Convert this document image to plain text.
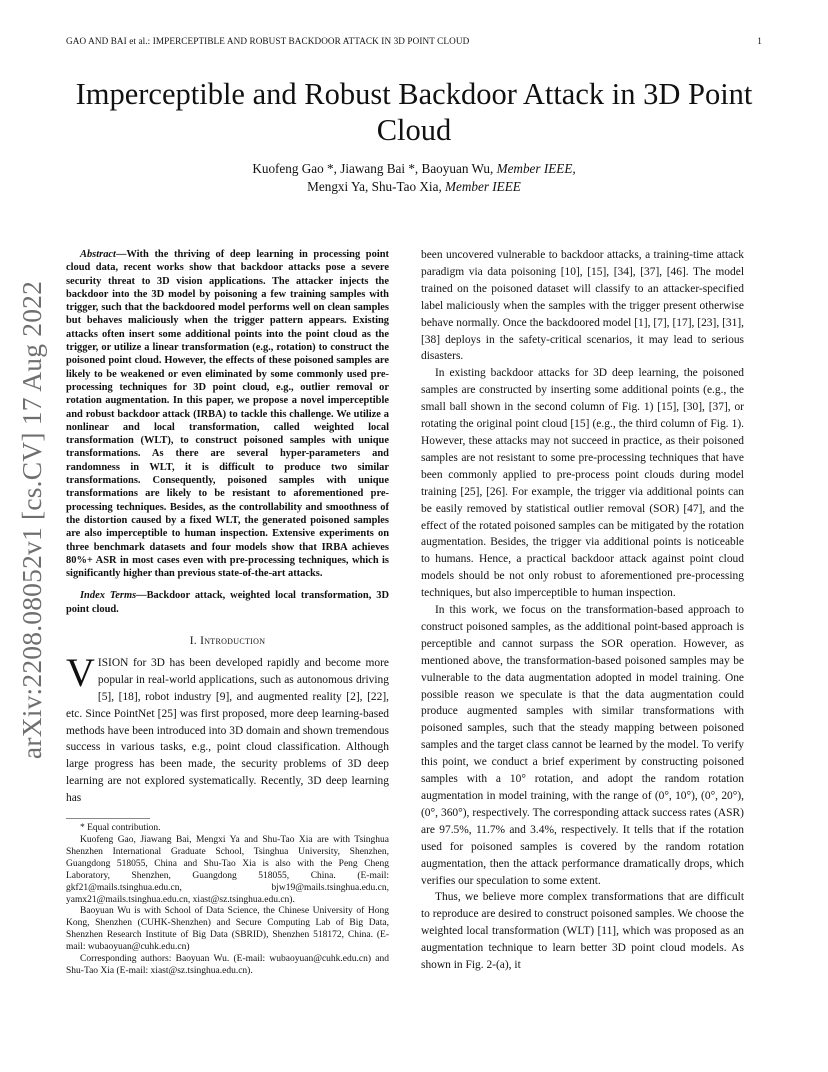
GAO AND BAI et al.: IMPERCEPTIBLE AND ROBUST BACKDOOR ATTACK IN 3D POINT CLOUD	1
arXiv:2208.08052v1 [cs.CV] 17 Aug 2022
Imperceptible and Robust Backdoor Attack in 3D Point Cloud
Kuofeng Gao *, Jiawang Bai *, Baoyuan Wu, Member IEEE,
Mengxi Ya, Shu-Tao Xia, Member IEEE

Abstract—With the thriving of deep learning in processing point cloud data, recent works show that backdoor attacks pose a severe security threat to 3D vision applications. The attacker injects the backdoor into the 3D model by poisoning a few training samples with trigger, such that the backdoored model performs well on clean samples but behaves maliciously when the trigger pattern appears. Existing attacks often insert some additional points into the point cloud as the trigger, or utilize a linear transformation (e.g., rotation) to construct the poisoned point cloud. However, the effects of these poisoned samples are likely to be weakened or even eliminated by some commonly used pre-processing techniques for 3D point cloud, e.g., outlier removal or rotation augmentation. In this paper, we propose a novel imperceptible and robust backdoor attack (IRBA) to tackle this challenge. We utilize a nonlinear and local transformation, called weighted local transformation (WLT), to construct poisoned samples with unique transformations. As there are several hyper-parameters and randomness in WLT, it is difficult to produce two similar transformations. Consequently, poisoned samples with unique transformations are likely to be resistant to aforementioned pre-processing techniques. Besides, as the controllability and smoothness of the distortion caused by a fixed WLT, the generated poisoned samples are also imperceptible to human inspection. Extensive experiments on three benchmark datasets and four models show that IRBA achieves 80%+ ASR in most cases even with pre-processing techniques, which is significantly higher than previous state-of-the-art attacks.

Index Terms—Backdoor attack, weighted local transformation, 3D point cloud.

I. Introduction

VISION for 3D has been developed rapidly and become more popular in real-world applications, such as autonomous driving [5], [18], robot industry [9], and augmented reality [2], [22], etc. Since PointNet [25] was first proposed, more deep learning-based methods have been introduced into 3D domain and shown tremendous success in various tasks, e.g., point cloud classification. Although large progress has been made, the security problems of 3D deep learning are not explored systematically. Recently, 3D deep learning has

* Equal contribution.

Kuofeng Gao, Jiawang Bai, Mengxi Ya and Shu-Tao Xia are with Tsinghua Shenzhen International Graduate School, Tsinghua University, Shenzhen, Guangdong 518055, China and Shu-Tao Xia is also with the Peng Cheng Laboratory, Shenzhen, Guangdong 518055, China. (E-mail: gkf21@mails.tsinghua.edu.cn, bjw19@mails.tsinghua.edu.cn, yamx21@mails.tsinghua.edu.cn, xiast@sz.tsinghua.edu.cn).

Baoyuan Wu is with School of Data Science, the Chinese University of Hong Kong, Shenzhen (CUHK-Shenzhen) and Secure Computing Lab of Big Data, Shenzhen Research Institute of Big Data (SBRID), Shenzhen 518172, China. (E-mail: wubaoyuan@cuhk.edu.cn)

Corresponding authors: Baoyuan Wu. (E-mail: wubaoyuan@cuhk.edu.cn) and Shu-Tao Xia (E-mail: xiast@sz.tsinghua.edu.cn).

been uncovered vulnerable to backdoor attacks, a training-time attack paradigm via data poisoning [10], [15], [34], [37], [46]. The model trained on the poisoned dataset will classify to an attacker-specified label maliciously when the samples with the trigger present otherwise behave normally. Once the backdoored model [1], [7], [17], [23], [31], [38] deploys in the safety-critical scenarios, it may lead to serious disasters.

In existing backdoor attacks for 3D deep learning, the poisoned samples are constructed by inserting some additional points (e.g., the small ball shown in the second column of Fig. 1) [15], [30], [37], or rotating the original point cloud [15] (e.g., the third column of Fig. 1). However, these attacks may not succeed in practice, as their poisoned samples are not resistant to some pre-processing techniques that have been commonly applied to pre-process point clouds during model training [25], [26]. For example, the trigger via additional points can be easily removed by statistical outlier removal (SOR) [47], and the effect of the rotated poisoned samples can be mitigated by the rotation augmentation. Besides, the trigger via additional points is noticeable to humans. Hence, a practical backdoor attack against point cloud models should be not only robust to aforementioned pre-processing techniques, but also imperceptible to human inspection.

In this work, we focus on the transformation-based approach to construct poisoned samples, as the additional point-based approach is perceptible and cannot surpass the SOR operation. However, as mentioned above, the transformation-based poisoned samples may be vulnerable to the data augmentation adopted in model training. One possible reason we speculate is that the data augmentation could produce augmented samples with similar transformations with poisoned samples, such that the steady mapping between poisoned samples and the target class cannot be learned by the model. To verify this point, we conduct a brief experiment by constructing poisoned samples with a 10° rotation, and adopt the random rotation augmentation in model training, with the range of (0°, 10°), (0°, 20°), (0°, 360°), respectively. The corresponding attack success rates (ASR) are 97.5%, 11.7% and 3.4%, respectively. It tells that if the rotation used for poisoned samples is covered by the random rotation augmentation, then the attack performance dramatically drops, which verifies our speculation to some extent.

Thus, we believe more complex transformations that are difficult to reproduce are desired to construct poisoned samples. We choose the weighted local transformation (WLT) [11], which was proposed as an augmentation technique to learn better 3D point cloud models. As shown in Fig. 2-(a), it
